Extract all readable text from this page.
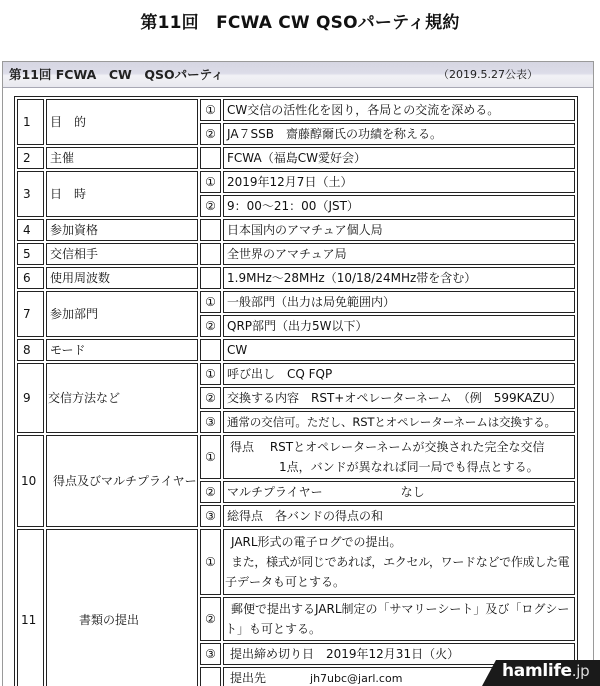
第11回　FCWA CW QSOパーティ規約
第11回 FCWA　CW　QSOパーティ	（2019.5.27公表）
1	目　的	①	CW交信の活性化を図り，各局との交流を深める。
		②	JA７SSB　齋藤醇爾氏の功績を称える。
2	主催		FCWA（福島CW愛好会）
3	日　時	①	2019年12月7日（土）
		②	9：00～21：00（JST）
4	参加資格		日本国内のアマチュア個人局
5	交信相手		全世界のアマチュア局
6	使用周波数		1.9MHz～28MHz（10/18/24MHz帯を含む）
7	参加部門	①	一般部門（出力は局免範囲内）
		②	QRP部門（出力5W以下）
8	モード		CW
9	交信方法など	①	呼び出し　CQ FQP
		②	交換する内容　RST+オペレーターネーム　（例　599KAZU）
		③	通常の交信可。ただし、RSTとオペレーターネームは交換する。
10	得点及びマルチプライヤー	①	得点　 RSTとオペレーターネームが交換された完全な交信
1点，バンドが異なれば同一局でも得点とする。

		②	マルチプライヤー なし
		③	総得点　各バンドの得点の和
11	書類の提出	①	JARL形式の電子ログでの提出。
また，様式が同じであれば，エクセル，ワードなどで作成した電
子データも可とする。

		②	郵便で提出するJARL制定の「サマリーシート」及び「ログシー
ト」も可とする。

		③	提出締め切り日　2019年12月31日（火）
			提出先 jh7ubc@jarl.com	hamlife.jp
